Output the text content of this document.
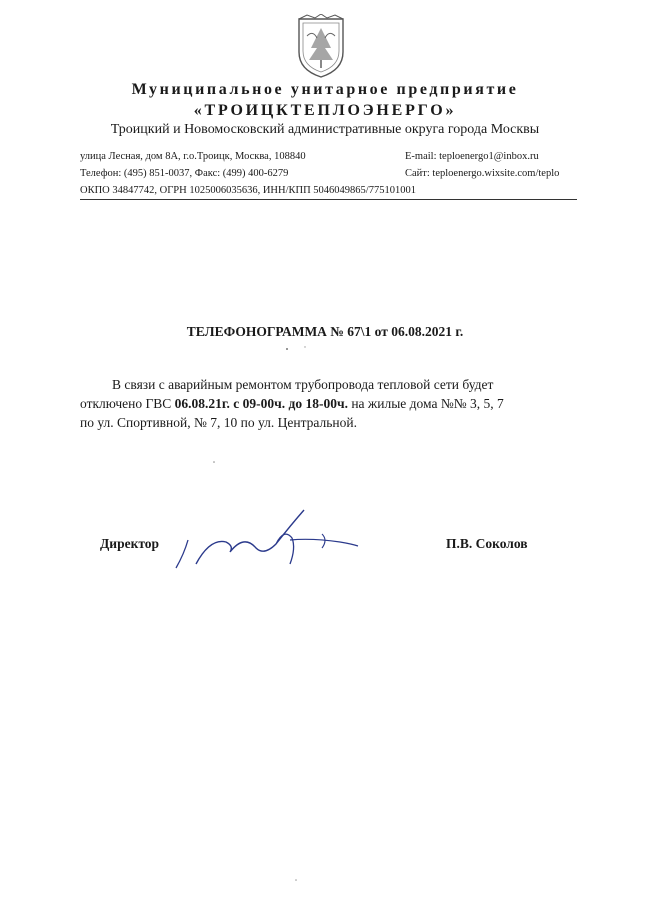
Муниципальное унитарное предприятие
«ТРОИЦКТЕПЛОЭНЕРГО»
Троицкий и Новомосковский административные округа города Москвы
улица Лесная, дом 8А, г.о.Троицк, Москва, 108840
Телефон: (495) 851-0037, Факс: (499) 400-6279
ОКПО 34847742, ОГРН 1025006035636, ИНН/КПП 5046049865/775101001
E-mail: teploenergo1@inbox.ru
Сайт: teploenergo.wixsite.com/teplo
ТЕЛЕФОНОГРАММА № 67\1 от 06.08.2021 г.
В связи с аварийным ремонтом трубопровода тепловой сети будет
отключено ГВС 06.08.21г. с 09-00ч. до 18-00ч. на жилые дома №№ 3, 5, 7
по ул. Спортивной, № 7, 10 по ул. Центральной.
Директор	П.В. Соколов
